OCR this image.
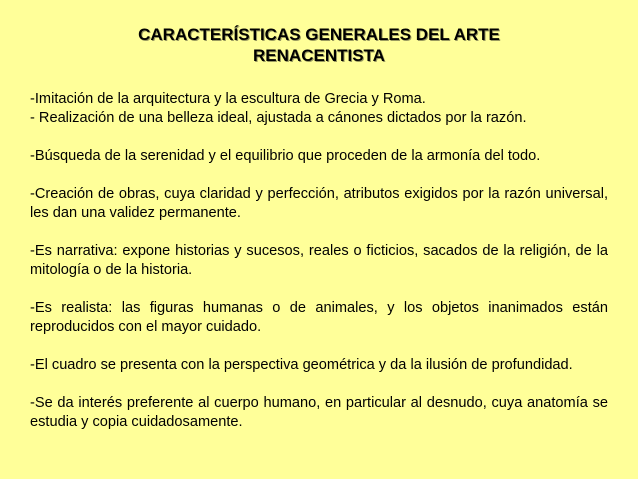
CARACTERÍSTICAS GENERALES DEL ARTE
RENACENTISTA

-Imitación de la arquitectura y la escultura de Grecia y Roma.

- Realización de una belleza ideal, ajustada a cánones dictados por la razón.

-Búsqueda de la serenidad y el equilibrio que proceden de la armonía del todo.

-Creación de obras, cuya claridad y perfección, atributos exigidos por la razón universal, les dan una validez permanente.

-Es narrativa: expone historias y sucesos, reales o ficticios, sacados de la religión, de la mitología o de la historia.

-Es realista: las figuras humanas o de animales, y los objetos inanimados están reproducidos con el mayor cuidado.

-El cuadro se presenta con la perspectiva geométrica y da la ilusión de profundidad.

-Se da interés preferente al cuerpo humano, en particular al desnudo, cuya anatomía se estudia y copia cuidadosamente.
